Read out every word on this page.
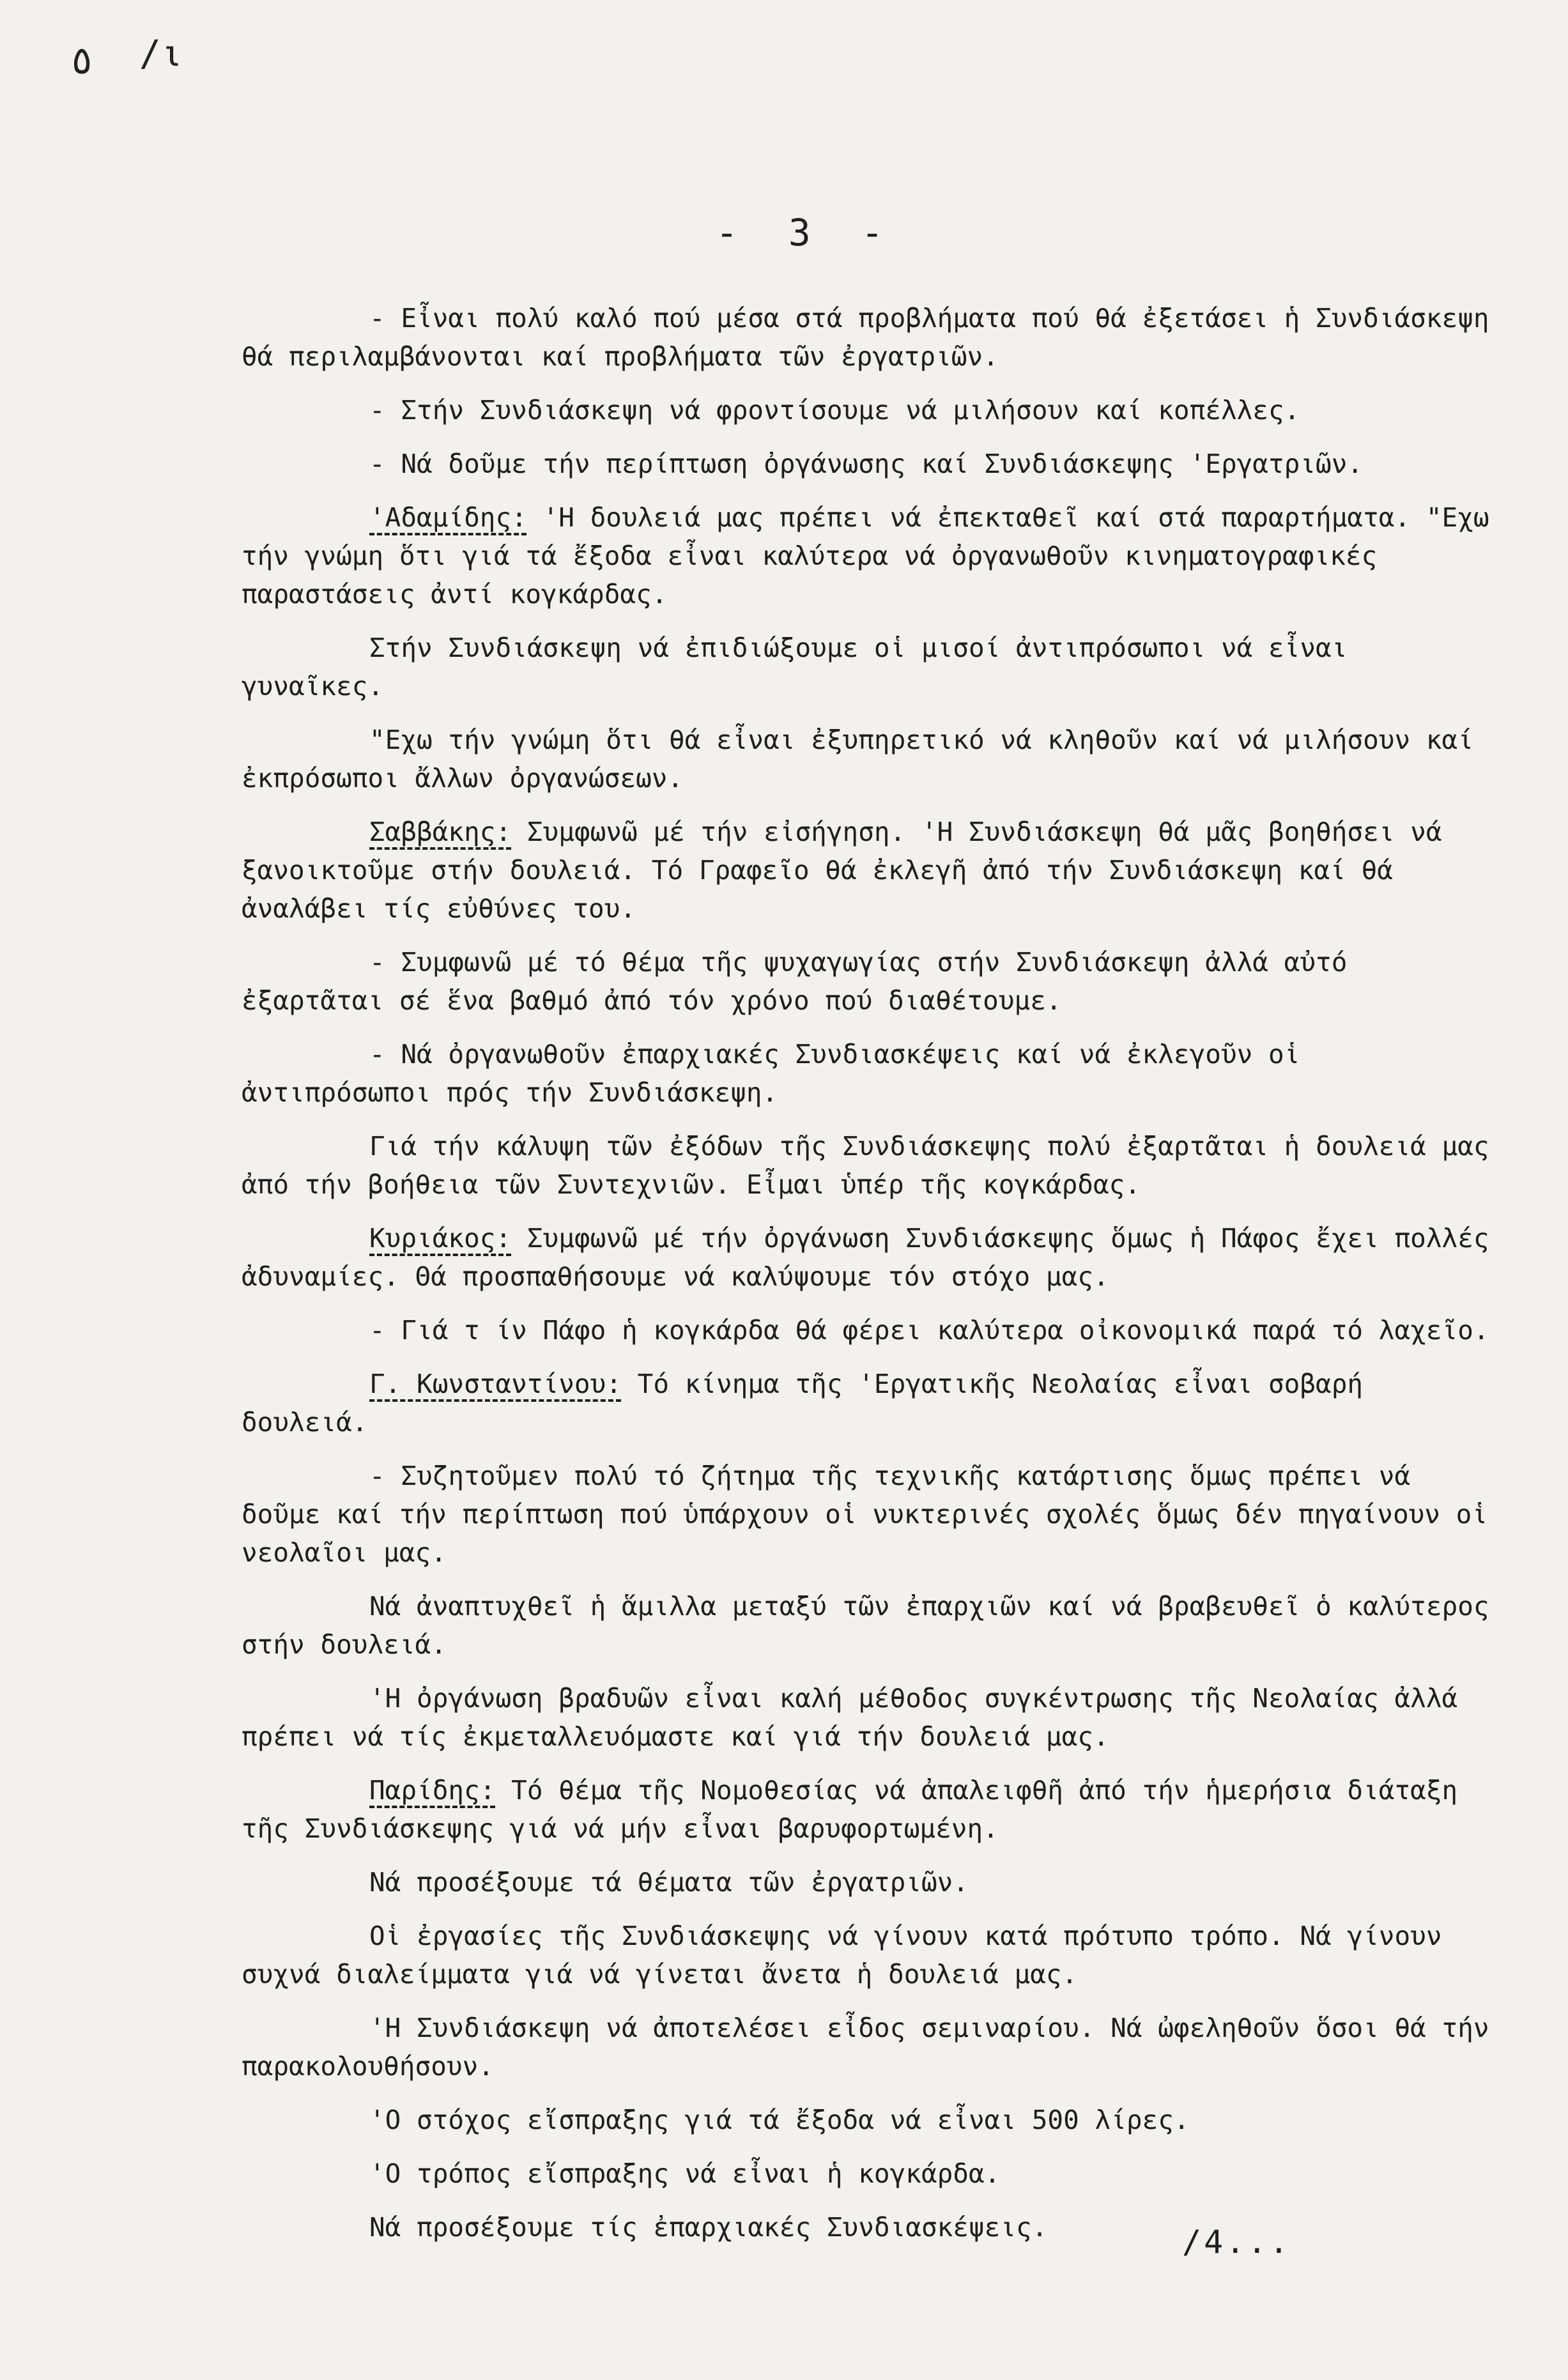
٥ /ι
- 3 -

- Εἶναι πολύ καλό πού μέσα στά προβλήματα πού θά ἐξετάσει ἡ Συνδιάσκεψη θά περιλαμβάνονται καί προβλήματα τῶν ἐργατριῶν.

- Στήν Συνδιάσκεψη νά φροντίσουμε νά μιλήσουν καί κοπέλλες.

- Νά δοῦμε τήν περίπτωση ὀργάνωσης καί Συνδιάσκεψης 'Εργατριῶν.

'Αδαμίδης: 'Η δουλειά μας πρέπει νά ἐπεκταθεῖ καί στά παραρτήματα. "Εχω τήν γνώμη ὅτι γιά τά ἔξοδα εἶναι καλύτερα νά ὀργανωθοῦν κινηματογραφικές παραστάσεις ἀντί κογκάρδας.

Στήν Συνδιάσκεψη νά ἐπιδιώξουμε οἱ μισοί ἀντιπρόσωποι νά εἶναι γυναῖκες.

"Εχω τήν γνώμη ὅτι θά εἶναι ἐξυπηρετικό νά κληθοῦν καί νά μιλήσουν καί ἐκπρόσωποι ἄλλων ὀργανώσεων.

Σαββάκης: Συμφωνῶ μέ τήν εἰσήγηση. 'Η Συνδιάσκεψη θά μᾶς βοηθήσει νά ξανοικτοῦμε στήν δουλειά. Τό Γραφεῖο θά ἐκλεγῆ ἀπό τήν Συνδιάσκεψη καί θά ἀναλάβει τίς εὐθύνες του.

- Συμφωνῶ μέ τό θέμα τῆς ψυχαγωγίας στήν Συνδιάσκεψη ἀλλά αὐτό ἐξαρτᾶται σέ ἕνα βαθμό ἀπό τόν χρόνο πού διαθέτουμε.

- Νά ὀργανωθοῦν ἐπαρχιακές Συνδιασκέψεις καί νά ἐκλεγοῦν οἱ ἀντιπρόσωποι πρός τήν Συνδιάσκεψη.

Γιά τήν κάλυψη τῶν ἐξόδων τῆς Συνδιάσκεψης πολύ ἐξαρτᾶται ἡ δουλειά μας ἀπό τήν βοήθεια τῶν Συντεχνιῶν. Εἶμαι ὑπέρ τῆς κογκάρδας.

Κυριάκος: Συμφωνῶ μέ τήν ὀργάνωση Συνδιάσκεψης ὅμως ἡ Πάφος ἔχει πολλές ἀδυναμίες. Θά προσπαθήσουμε νά καλύψουμε τόν στόχο μας.

- Γιά τ ίν Πάφο ἡ κογκάρδα θά φέρει καλύτερα οἰκονομικά παρά τό λαχεῖο.

Γ. Κωνσταντίνου: Τό κίνημα τῆς 'Εργατικῆς Νεολαίας εἶναι σοβαρή δουλειά.

- Συζητοῦμεν πολύ τό ζήτημα τῆς τεχνικῆς κατάρτισης ὅμως πρέπει νά δοῦμε καί τήν περίπτωση πού ὑπάρχουν οἱ νυκτερινές σχολές ὅμως δέν πηγαίνουν οἱ νεολαῖοι μας.

Νά ἀναπτυχθεῖ ἡ ἅμιλλα μεταξύ τῶν ἐπαρχιῶν καί νά βραβευθεῖ ὁ καλύτερος στήν δουλειά.

'Η ὀργάνωση βραδυῶν εἶναι καλή μέθοδος συγκέντρωσης τῆς Νεολαίας ἀλλά πρέπει νά τίς ἐκμεταλλευόμαστε καί γιά τήν δουλειά μας.

Παρίδης: Τό θέμα τῆς Νομοθεσίας νά ἀπαλειφθῆ ἀπό τήν ἡμερήσια διάταξη τῆς Συνδιάσκεψης γιά νά μήν εἶναι βαρυφορτωμένη.

Νά προσέξουμε τά θέματα τῶν ἐργατριῶν.

Οἱ ἐργασίες τῆς Συνδιάσκεψης νά γίνουν κατά πρότυπο τρόπο. Νά γίνουν συχνά διαλείμματα γιά νά γίνεται ἄνετα ἡ δουλειά μας.

'Η Συνδιάσκεψη νά ἀποτελέσει εἶδος σεμιναρίου. Νά ὠφεληθοῦν ὅσοι θά τήν παρακολουθήσουν.

'Ο στόχος εἴσπραξης γιά τά ἔξοδα νά εἶναι 500 λίρες.

'Ο τρόπος εἴσπραξης νά εἶναι ἡ κογκάρδα.

Νά προσέξουμε τίς ἐπαρχιακές Συνδιασκέψεις.	/4...
